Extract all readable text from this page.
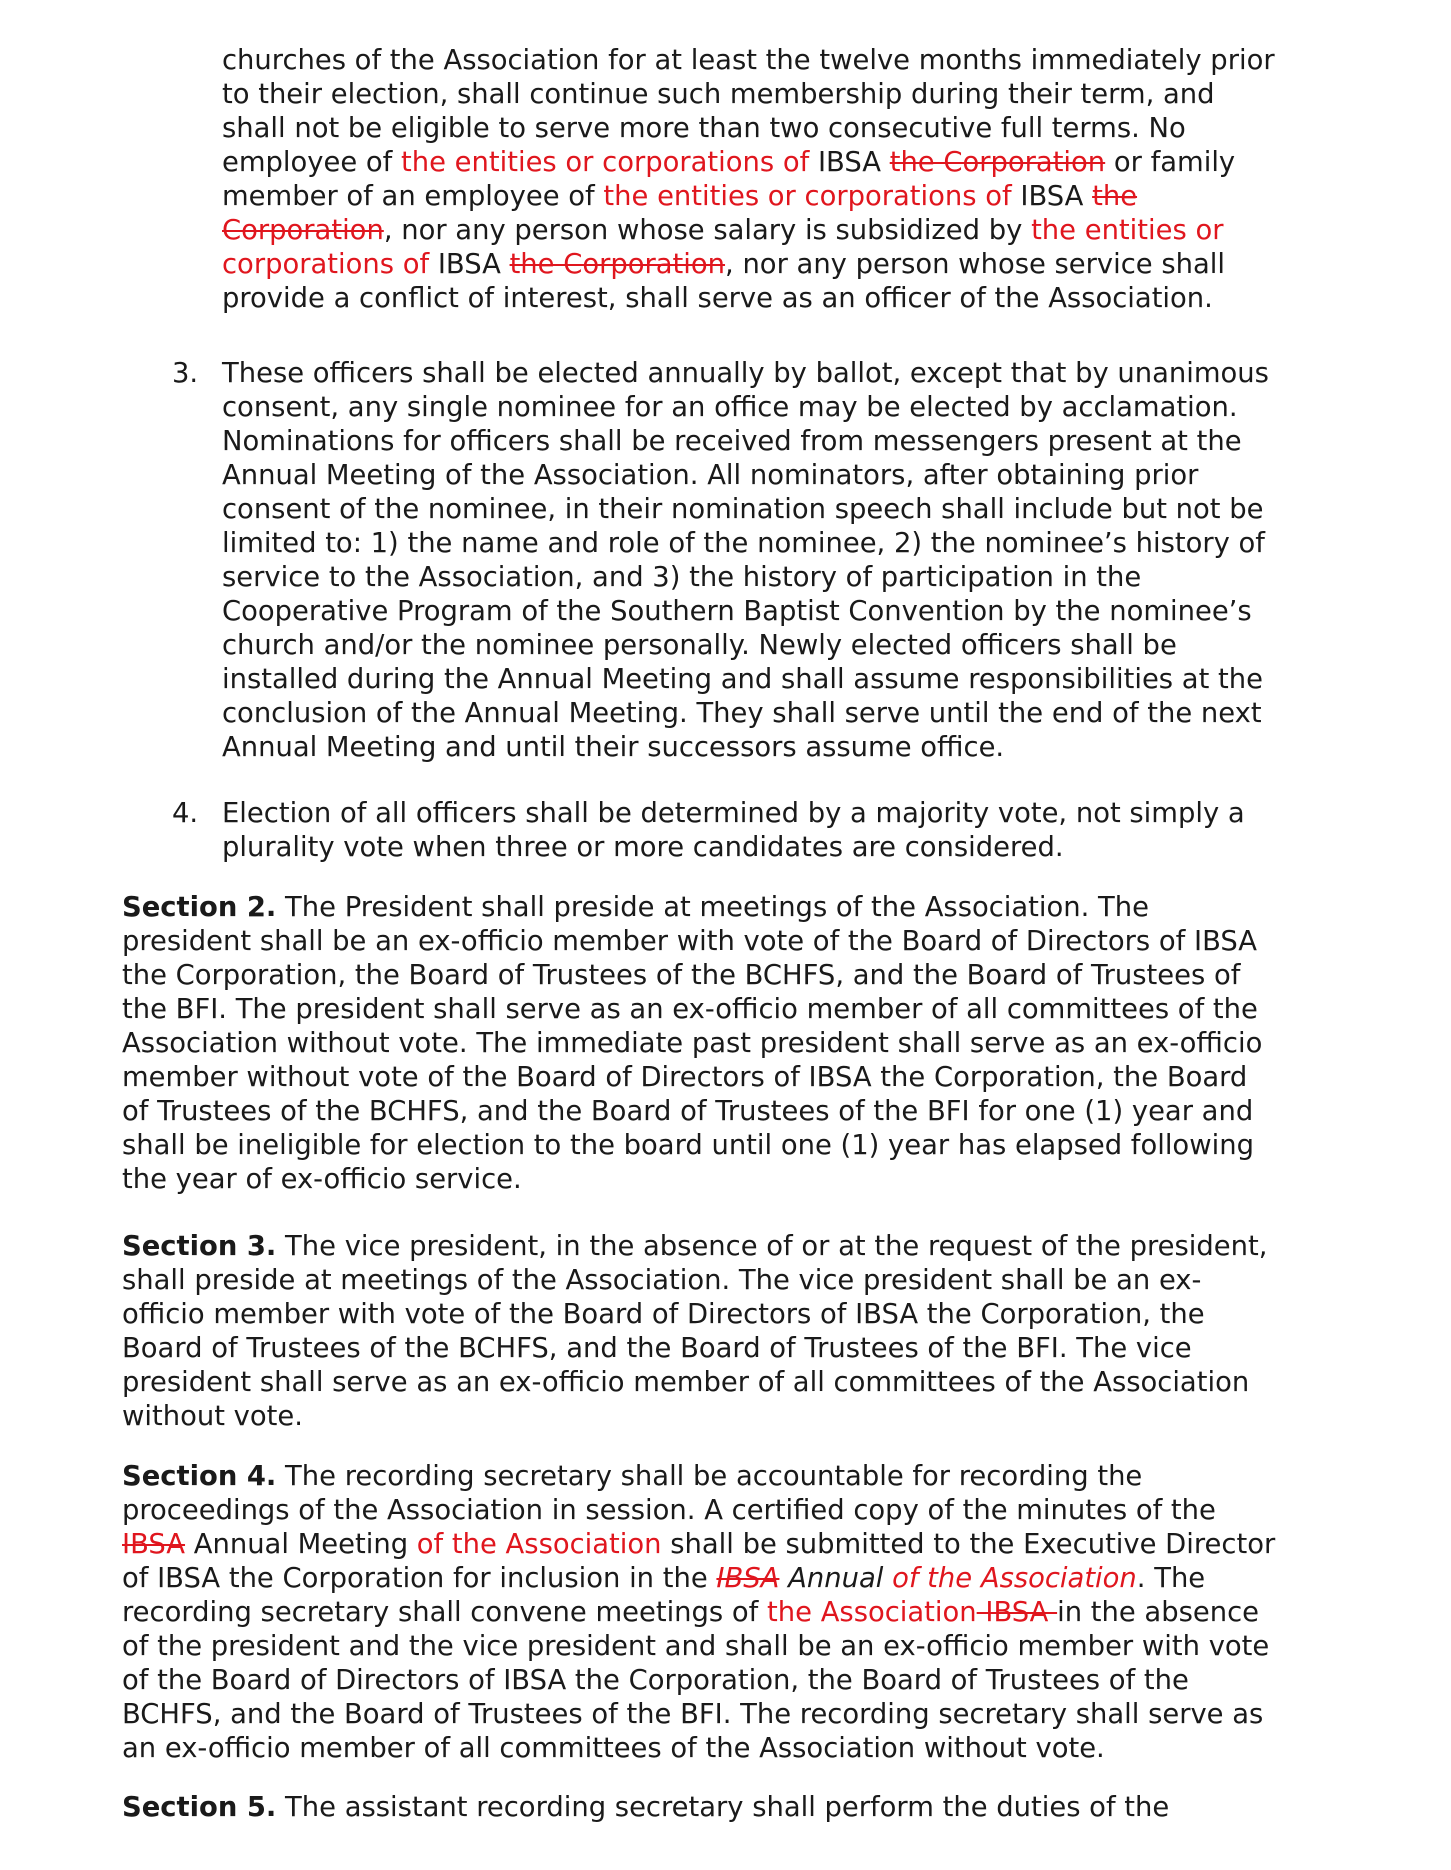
churches of the Association for at least the twelve months immediately prior
to their election, shall continue such membership during their term, and
shall not be eligible to serve more than two consecutive full terms. No
employee of the entities or corporations of IBSA the Corporation or family
member of an employee of the entities or corporations of IBSA the
Corporation, nor any person whose salary is subsidized by the entities or
corporations of IBSA the Corporation, nor any person whose service shall
provide a conflict of interest, shall serve as an officer of the Association.
3. These officers shall be elected annually by ballot, except that by unanimous
consent, any single nominee for an office may be elected by acclamation.
Nominations for officers shall be received from messengers present at the
Annual Meeting of the Association. All nominators, after obtaining prior
consent of the nominee, in their nomination speech shall include but not be
limited to: 1) the name and role of the nominee, 2) the nominee’s history of
service to the Association, and 3) the history of participation in the
Cooperative Program of the Southern Baptist Convention by the nominee’s
church and/or the nominee personally. Newly elected officers shall be
installed during the Annual Meeting and shall assume responsibilities at the
conclusion of the Annual Meeting. They shall serve until the end of the next
Annual Meeting and until their successors assume office.
4. Election of all officers shall be determined by a majority vote, not simply a
plurality vote when three or more candidates are considered.
Section 2. The President shall preside at meetings of the Association. The
president shall be an ex-officio member with vote of the Board of Directors of IBSA
the Corporation, the Board of Trustees of the BCHFS, and the Board of Trustees of
the BFI. The president shall serve as an ex-officio member of all committees of the
Association without vote. The immediate past president shall serve as an ex-officio
member without vote of the Board of Directors of IBSA the Corporation, the Board
of Trustees of the BCHFS, and the Board of Trustees of the BFI for one (1) year and
shall be ineligible for election to the board until one (1) year has elapsed following
the year of ex-officio service.
Section 3. The vice president, in the absence of or at the request of the president,
shall preside at meetings of the Association. The vice president shall be an ex-
officio member with vote of the Board of Directors of IBSA the Corporation, the
Board of Trustees of the BCHFS, and the Board of Trustees of the BFI. The vice
president shall serve as an ex-officio member of all committees of the Association
without vote.
Section 4. The recording secretary shall be accountable for recording the
proceedings of the Association in session. A certified copy of the minutes of the
IBSA Annual Meeting of the Association shall be submitted to the Executive Director
of IBSA the Corporation for inclusion in the IBSA Annual of the Association. The
recording secretary shall convene meetings of the Association IBSA in the absence
of the president and the vice president and shall be an ex-officio member with vote
of the Board of Directors of IBSA the Corporation, the Board of Trustees of the
BCHFS, and the Board of Trustees of the BFI. The recording secretary shall serve as
an ex-officio member of all committees of the Association without vote.
Section 5. The assistant recording secretary shall perform the duties of the
